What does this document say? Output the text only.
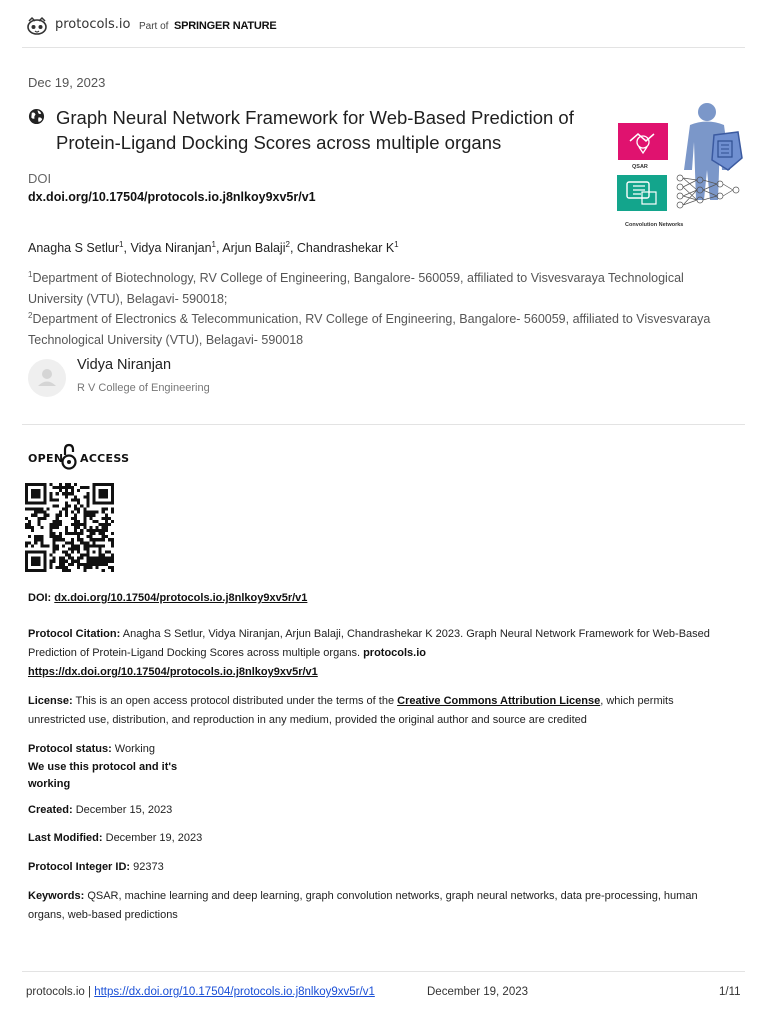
protocols.io Part of SPRINGER NATURE
Dec 19, 2023
Graph Neural Network Framework for Web-Based Prediction of Protein-Ligand Docking Scores across multiple organs
DOI
dx.doi.org/10.17504/protocols.io.j8nlkoy9xv5r/v1
QSAR
Convolution Networks
Anagha S Setlur$^1$, Vidya Niranjan$^1$, Arjun Balaji$^2$, Chandrashekar $K^1$
$^1$Department of Biotechnology, RV College of Engineering, Bangalore- 560059, affiliated to Visvesvaraya Technological University (VTU), Belagavi- 590018;
$^2$Department of Electronics & Telecommunication, RV College of Engineering, Bangalore- 560059, affiliated to Visvesvaraya Technological University (VTU), Belagavi- 590018
Vidya Niranjan
R V College of Engineering
OPEN ACCESS
DOI: dx.doi.org/10.17504/protocols.io.j8nlkoy9xv5r/v1
Protocol Citation: Anagha S Setlur, Vidya Niranjan, Arjun Balaji, Chandrashekar K 2023. Graph Neural Network Framework for Web-Based Prediction of Protein-Ligand Docking Scores across multiple organs. protocols.io
https://dx.doi.org/10.17504/protocols.io.j8nlkoy9xv5r/v1
License: This is an open access protocol distributed under the terms of the Creative Commons Attribution License, which permits unrestricted use, distribution, and reproduction in any medium, provided the original author and source are credited
Protocol status: Working

We use this protocol and it's working
Created: December 15, 2023
Last Modified: December 19, 2023
Protocol Integer ID: 92373
Keywords: QSAR, machine learning and deep learning, graph convolution networks, graph neural networks, data pre-processing, human organs, web-based predictions
protocols.io | https://dx.doi.org/10.17504/protocols.io.j8nlkoy9xv5r/v1	December 19, 2023	1/11
